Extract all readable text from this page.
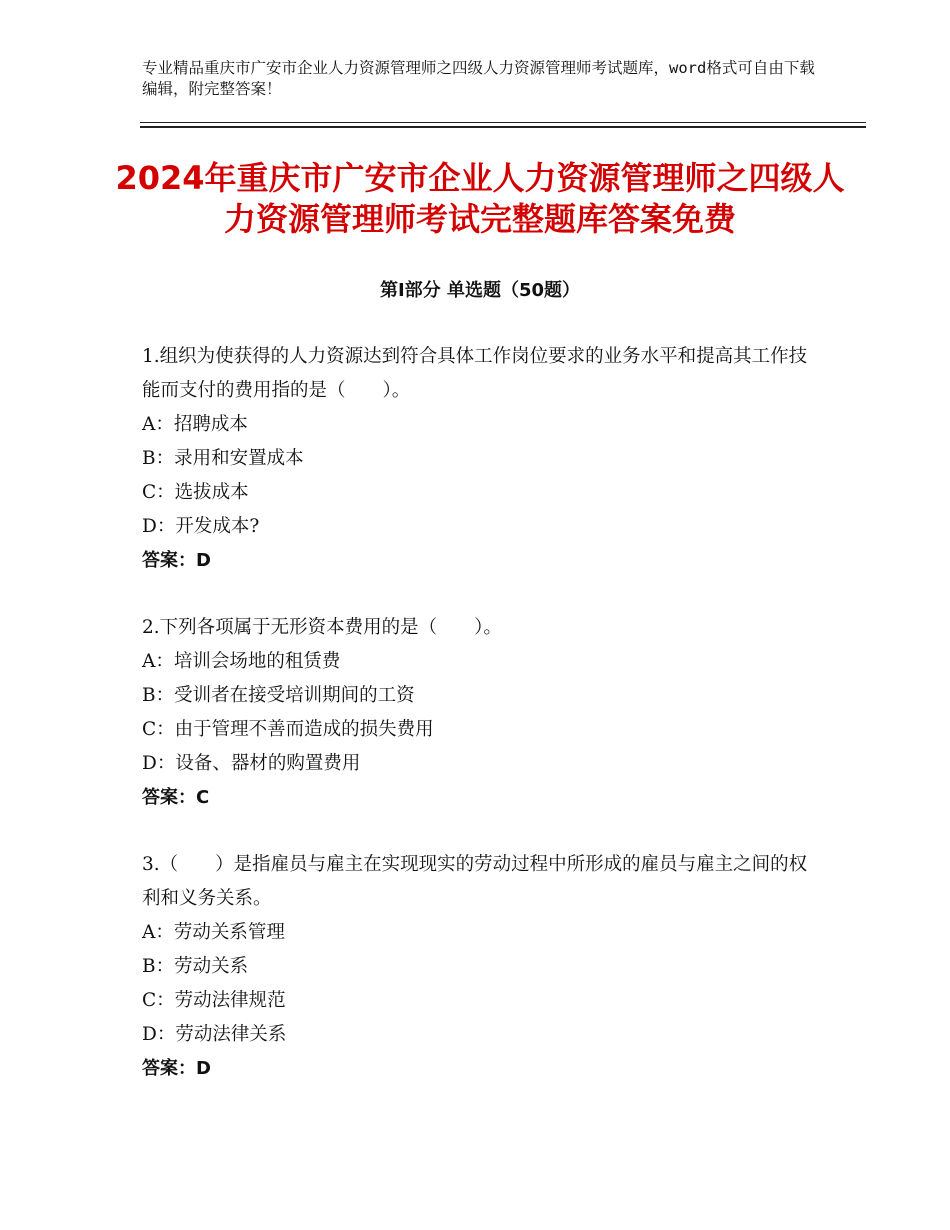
专业精品重庆市广安市企业人力资源管理师之四级人力资源管理师考试题库，word格式可自由下载编辑，附完整答案！
2024年重庆市广安市企业人力资源管理师之四级人力资源管理师考试完整题库答案免费
第Ⅰ部分 单选题（50题）
1.组织为使获得的人力资源达到符合具体工作岗位要求的业务水平和提高其工作技能而支付的费用指的是（　　）。
A：招聘成本
B：录用和安置成本
C：选拔成本
D：开发成本?
答案：D
2.下列各项属于无形资本费用的是（　　）。
A：培训会场地的租赁费
B：受训者在接受培训期间的工资
C：由于管理不善而造成的损失费用
D：设备、器材的购置费用
答案：C
3.（　　）是指雇员与雇主在实现现实的劳动过程中所形成的雇员与雇主之间的权利和义务关系。
A：劳动关系管理
B：劳动关系
C：劳动法律规范
D：劳动法律关系
答案：D
